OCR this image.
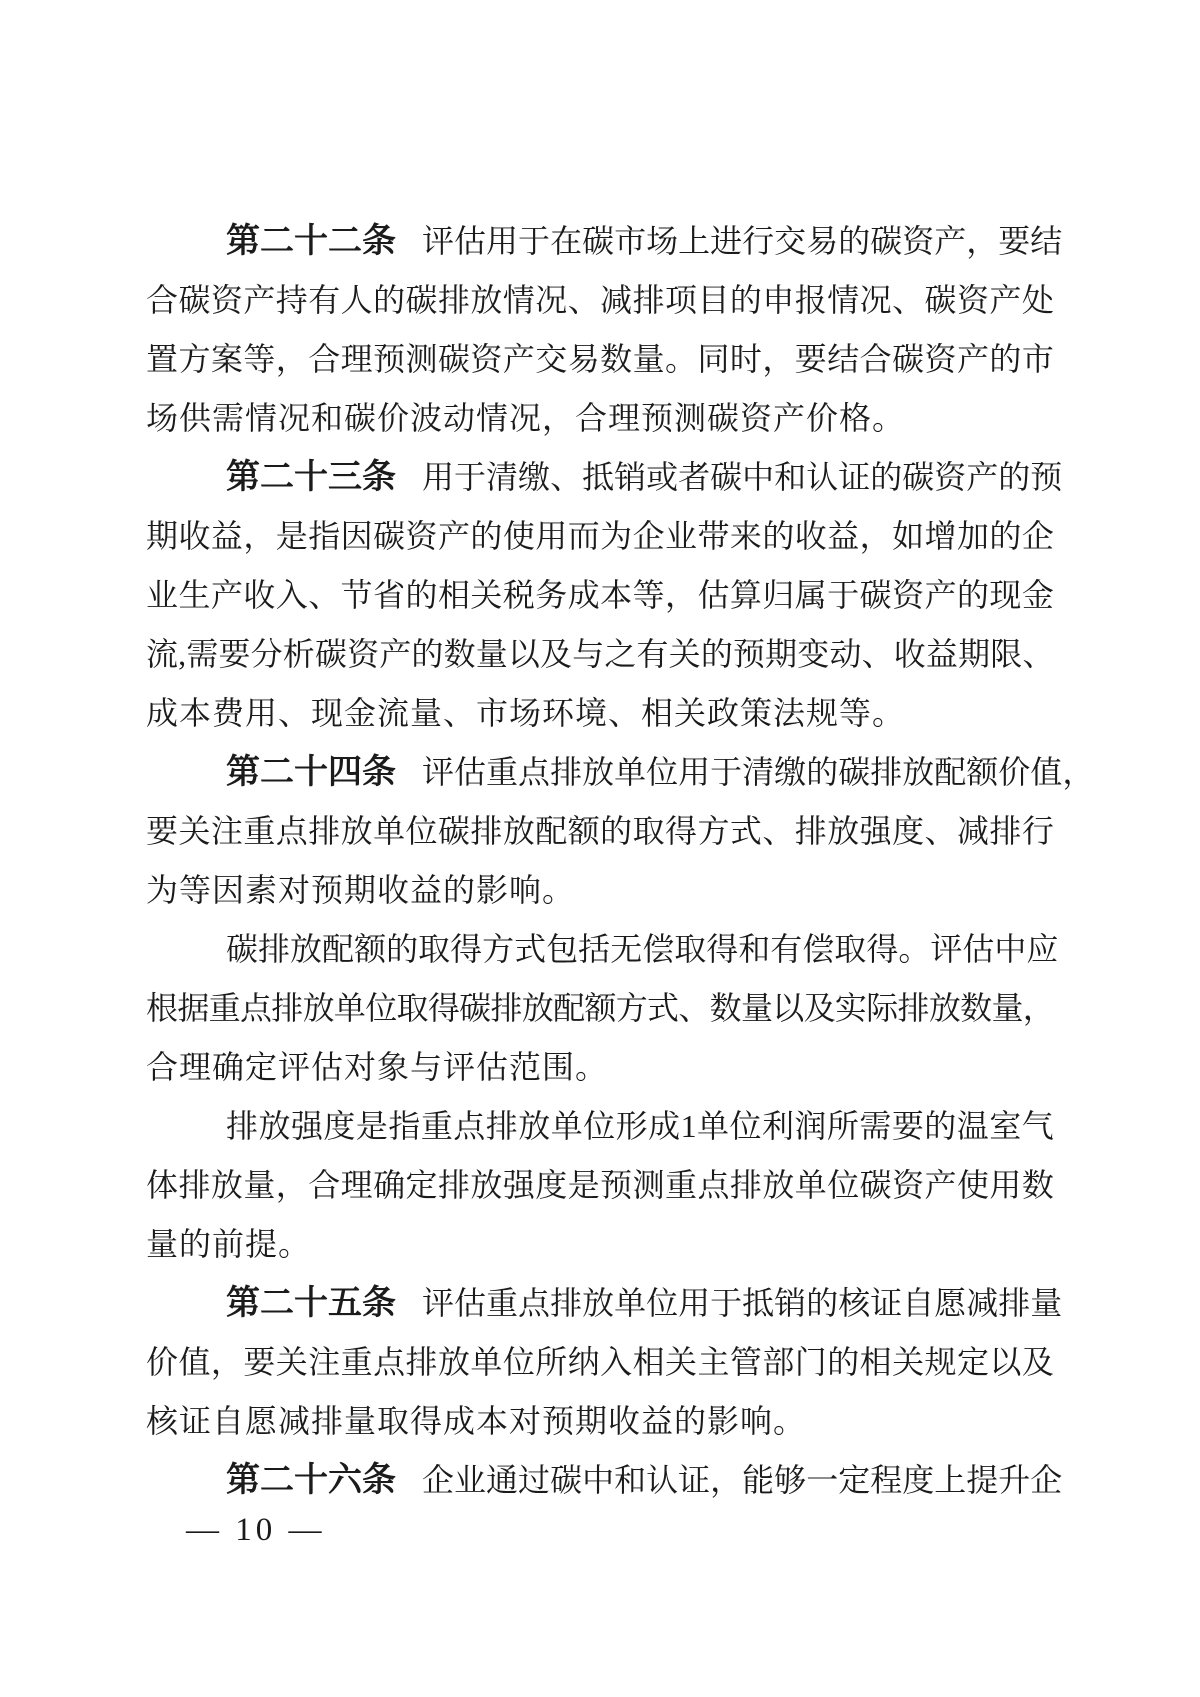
第 二 十 二 条 评 估 用 于 在 碳 市 场 上 进 行 交 易 的 碳 资 产 ， 要 结
合 碳 资 产 持 有 人 的 碳 排 放 情 况 、 减 排 项 目 的 申 报 情 况 、 碳 资 产 处
置 方 案 等 ， 合 理 预 测 碳 资 产 交 易 数 量 。 同 时 ， 要 结 合 碳 资 产 的 市
场供需情况和碳价波动情况，合理预测碳资产价格。
第 二 十 三 条 用 于 清 缴 、 抵 销 或 者 碳 中 和 认 证 的 碳 资 产 的 预
期 收 益 ， 是 指 因 碳 资 产 的 使 用 而 为 企 业 带 来 的 收 益 ， 如 增 加 的 企
业 生 产 收 入 、 节 省 的 相 关 税 务 成 本 等 ， 估 算 归 属 于 碳 资 产 的 现 金
流 , 需 要 分 析 碳 资 产 的 数 量 以 及 与 之 有 关 的 预 期 变 动 、 收 益 期 限 、
成本费用、现金流量、市场环境、相关政策法规等。
第 二 十 四 条 评 估 重 点 排 放 单 位 用 于 清 缴 的 碳 排 放 配 额 价 值 ，
要 关 注 重 点 排 放 单 位 碳 排 放 配 额 的 取 得 方 式 、 排 放 强 度 、 减 排 行
为等因素对预期收益的影响。
碳 排 放 配 额 的 取 得 方 式 包 括 无 偿 取 得 和 有 偿 取 得 。 评 估 中 应
根 据 重 点 排 放 单 位 取 得 碳 排 放 配 额 方 式 、 数 量 以 及 实 际 排 放 数 量 ，
合理确定评估对象与评估范围。
排 放 强 度 是 指 重 点 排 放 单 位 形 成 1 单 位 利 润 所 需 要 的 温 室 气
体 排 放 量 ， 合 理 确 定 排 放 强 度 是 预 测 重 点 排 放 单 位 碳 资 产 使 用 数
量的前提。
第 二 十 五 条 评 估 重 点 排 放 单 位 用 于 抵 销 的 核 证 自 愿 减 排 量
价 值 ， 要 关 注 重 点 排 放 单 位 所 纳 入 相 关 主 管 部 门 的 相 关 规 定 以 及
核证自愿减排量取得成本对预期收益的影响。
第 二 十 六 条 企 业 通 过 碳 中 和 认 证 ， 能 够 一 定 程 度 上 提 升 企
— 10 —
